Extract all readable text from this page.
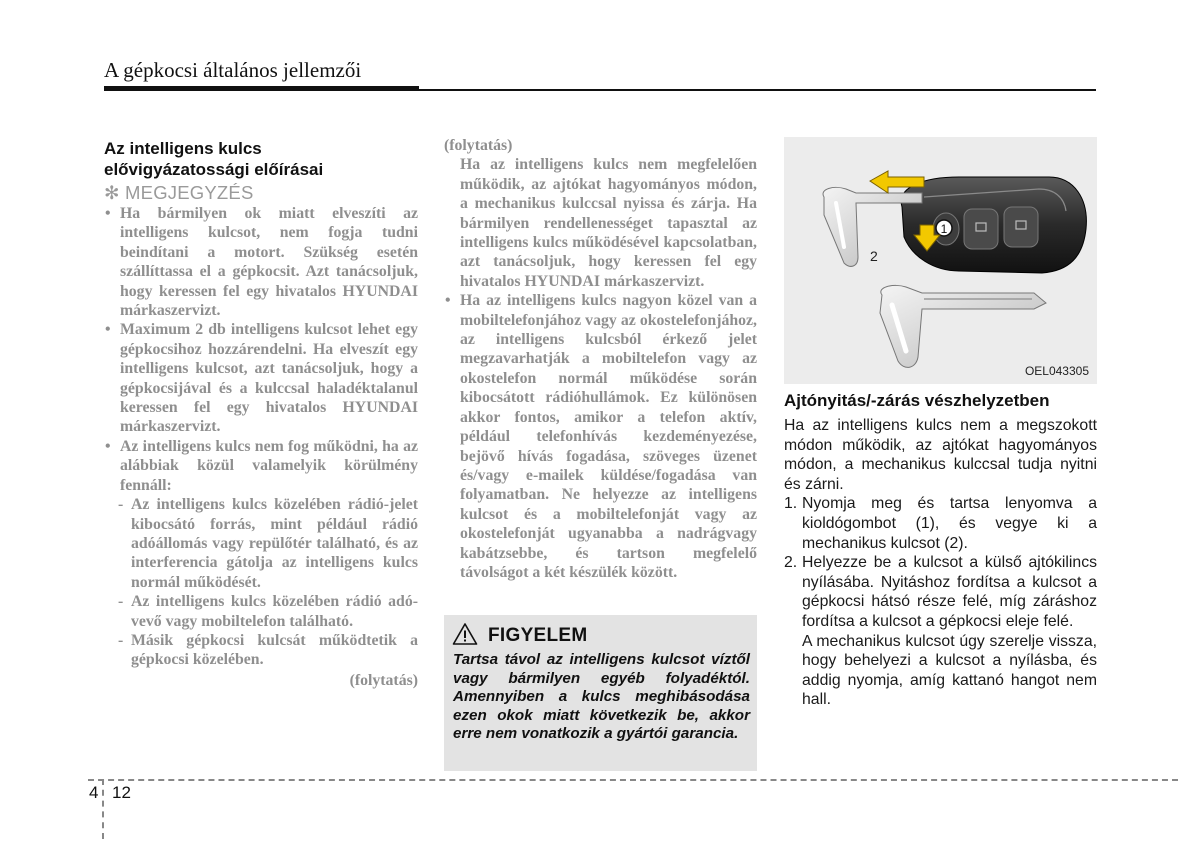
A gépkocsi általános jellemzői
Az intelligens kulcs
elővigyázatossági előírásai
✻ MEGJEGYZÉS
• Ha bármilyen ok miatt elveszíti az intelligens kulcsot, nem fogja tudni beindítani a motort. Szükség esetén szállíttassa el a gépkocsit. Azt tanácsoljuk, hogy keressen fel egy hivatalos HYUNDAI márkaszervizt.
• Maximum 2 db intelligens kulcsot lehet egy gépkocsihoz hozzárendelni. Ha elveszít egy intelligens kulcsot, azt tanácsoljuk, hogy a gépkocsijával és a kulccsal haladéktalanul keressen fel egy hivatalos HYUNDAI márkaszervizt.
• Az intelligens kulcs nem fog működni, ha az alábbiak közül valamelyik körülmény fennáll:
- Az intelligens kulcs közelében rádió-jelet kibocsátó forrás, mint például rádió adóállomás vagy repülőtér található, és az interferencia gátolja az intelligens kulcs normál működését.
- Az intelligens kulcs közelében rádió adó-vevő vagy mobiltelefon található.
- Másik gépkocsi kulcsát működtetik a gépkocsi közelében.
(folytatás)
(folytatás)
Ha az intelligens kulcs nem megfelelően működik, az ajtókat hagyományos módon, a mechanikus kulccsal nyissa és zárja. Ha bármilyen rendellenességet tapasztal az intelligens kulcs működésével kapcsolatban, azt tanácsoljuk, hogy keressen fel egy hivatalos HYUNDAI márkaszervizt.
• Ha az intelligens kulcs nagyon közel van a mobiltelefonjához vagy az okostelefonjához, az intelligens kulcsból érkező jelet megzavarhatják a mobiltelefon vagy az okostelefon normál működése során kibocsátott rádióhullámok. Ez különösen akkor fontos, amikor a telefon aktív, például telefonhívás kezdeményezése, bejövő hívás fogadása, szöveges üzenet és/vagy e-mailek küldése/fogadása van folyamatban. Ne helyezze az intelligens kulcsot és a mobiltelefonját vagy az okostelefonját ugyanabba a nadrágvagy kabátzsebbe, és tartson megfelelő távolságot a két készülék között.
FIGYELEM
Tartsa távol az intelligens kulcsot víztől vagy bármilyen egyéb folyadéktól. Amennyiben a kulcs meghibásodása ezen okok miatt következik be, akkor erre nem vonatkozik a gyártói garancia.
1
2
OEL043305
Ajtónyitás/-zárás vészhelyzetben
Ha az intelligens kulcs nem a megszokott módon működik, az ajtókat hagyományos módon, a mechanikus kulccsal tudja nyitni és zárni.
1. Nyomja meg és tartsa lenyomva a kioldógombot (1), és vegye ki a mechanikus kulcsot (2).
2. Helyezze be a kulcsot a külső ajtókilincs nyílásába. Nyitáshoz fordítsa a kulcsot a gépkocsi hátsó része felé, míg záráshoz fordítsa a kulcsot a gépkocsi eleje felé.
A mechanikus kulcsot úgy szerelje vissza, hogy behelyezi a kulcsot a nyílásba, és addig nyomja, amíg kattanó hangot nem hall.
4 12
